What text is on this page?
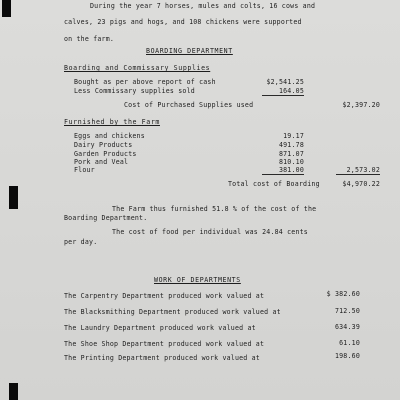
During the year 7 horses, mules and colts, 16 cows and
calves, 23 pigs and hogs, and 108 chickens were supported
on the farm.
BOARDING DEPARTMENT
Boarding and Commissary Supplies
Bought as per above report of cash	$2,541.25
Less Commissary supplies sold	164.05
Cost of Purchased Supplies used	$2,397.20
Furnished by the Farm
Eggs and chickens	19.17
Dairy Products	491.78
Garden Products	871.07
Pork and Veal	810.10
Flour	381.00	2,573.02
Total cost of Boarding	$4,970.22
The Farm thus furnished 51.8 % of the cost of the
Boarding Department.
The cost of food per individual was 24.84 cents
per day.
WORK OF DEPARTMENTS
The Carpentry Department produced work valued at	$ 382.60
The Blacksmithing Department produced work valued at	712.50
The Laundry Department produced work valued at	634.39
The Shoe Shop Department produced work valued at	61.10
The Printing Department produced work valued at	198.60
